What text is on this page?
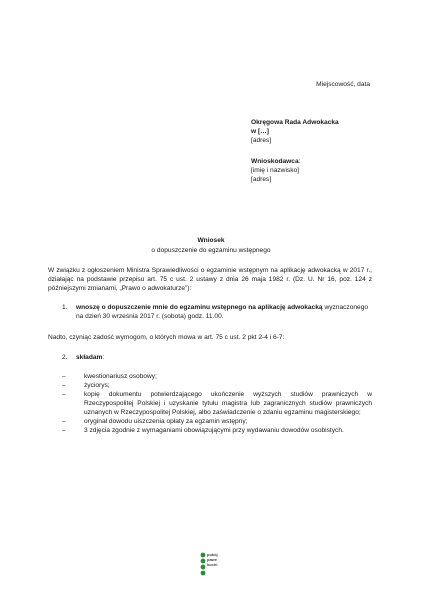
Miejscowość, data
Okręgowa Rada Adwokacka
w […]
[adres]
Wnioskodawca:
[imię i nazwisko]
[adres]
Wniosek
o dopuszczenie do egzaminu wstępnego
W związku z ogłoszeniem Ministra Sprawiedliwości o egzaminie wstępnym na aplikację adwokacką w 2017 r., działając na podstawie przepisu art. 75 c ust. 2 ustawy z dnia 26 maja 1982 r. (Dz. U. Nr 16, poz. 124 z późniejszymi zmianami, „Prawo o adwokaturze”):
1. wnoszę o dopuszczenie mnie do egzaminu wstępnego na aplikację adwokacką wyznaczonego na dzień 30 września 2017 r. (sobota) godz. 11.00.
Nadto, czyniąc zadość wymogom, o których mowa w art. 75 c ust. 2 pkt 2-4 i 6-7:
2. składam:
– kwestionariusz osobowy;
– życiorys;
– kopię dokumentu potwierdzającego ukończenie wyższych studiów prawniczych w Rzeczypospolitej Polskiej i uzyskanie tytułu magistra lub zagranicznych studiów prawniczych uznanych w Rzeczypospolitej Polskiej, albo zaświadczenie o zdaniu egzaminu magisterskiego;
– oryginał dowodu uiszczenia opłaty za egzamin wstępny;
– 3 zdjęcia zgodnie z wymaganiami obowiązującymi przy wydawaniu dowodów osobistych.
pokój
pawe
kochi
